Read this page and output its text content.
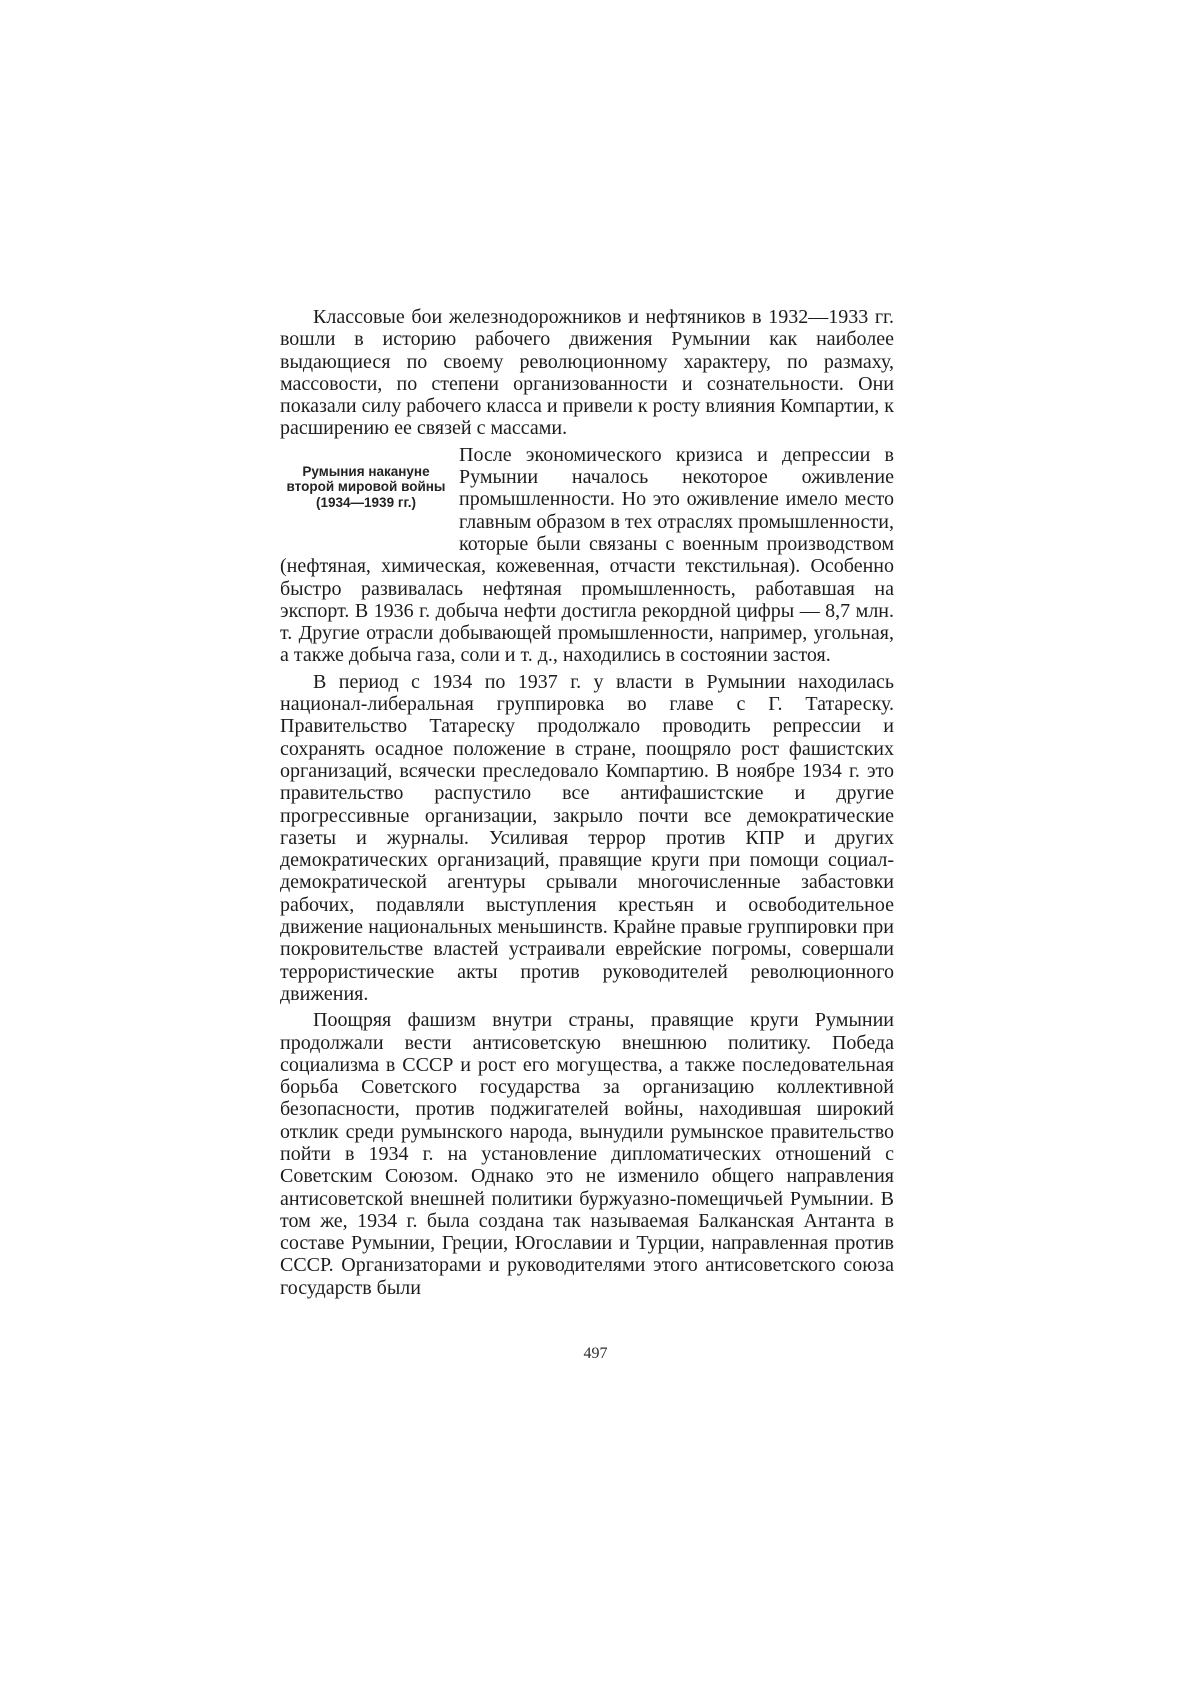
Классовые бои железнодорожников и нефтяников в 1932—1933 гг. вошли в историю рабочего движения Румынии как наиболее выдающиеся по своему революционному характеру, по размаху, массовости, по степени организованности и сознательности. Они показали силу рабочего класса и привели к росту влияния Компартии, к расширению ее связей с массами.

Румыния накануне второй мировой войны (1934—1939 гг.)

После экономического кризиса и депрессии в Румынии началось некоторое оживление промышленности. Но это оживление имело место главным образом в тех отраслях промышленности, которые были связаны с военным производством (нефтяная, химическая, кожевенная, отчасти текстильная). Особенно быстро развивалась нефтяная промышленность, работавшая на экспорт. В 1936 г. добыча нефти достигла рекордной цифры — 8,7 млн. т. Другие отрасли добывающей промышленности, например, угольная, а также добыча газа, соли и т. д., находились в состоянии застоя.

В период с 1934 по 1937 г. у власти в Румынии находилась национал-либеральная группировка во главе с Г. Татареску. Правительство Татареску продолжало проводить репрессии и сохранять осадное положение в стране, поощряло рост фашистских организаций, всячески преследовало Компартию. В ноябре 1934 г. это правительство распустило все антифашистские и другие прогрессивные организации, закрыло почти все демократические газеты и журналы. Усиливая террор против КПР и других демократических организаций, правящие круги при помощи социал-демократической агентуры срывали многочисленные забастовки рабочих, подавляли выступления крестьян и освободительное движение национальных меньшинств. Крайне правые группировки при покровительстве властей устраивали еврейские погромы, совершали террористические акты против руководителей революционного движения.

Поощряя фашизм внутри страны, правящие круги Румынии продолжали вести антисоветскую внешнюю политику. Победа социализма в СССР и рост его могущества, а также последовательная борьба Советского государства за организацию коллективной безопасности, против поджигателей войны, находившая широкий отклик среди румынского народа, вынудили румынское правительство пойти в 1934 г. на установление дипломатических отношений с Советским Союзом. Однако это не изменило общего направления антисоветской внешней политики буржуазно-помещичьей Румынии. В том же, 1934 г. была создана так называемая Балканская Антанта в составе Румынии, Греции, Югославии и Турции, направленная против СССР. Организаторами и руководителями этого антисоветского союза государств были

497
